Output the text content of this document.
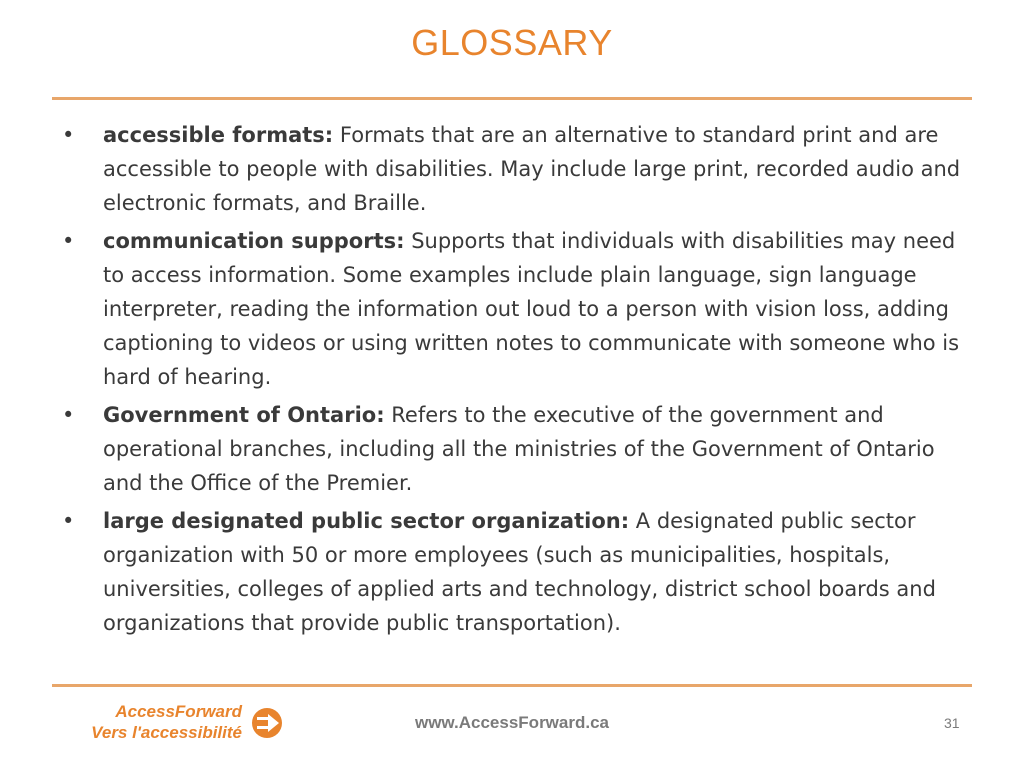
GLOSSARY
• accessible formats: Formats that are an alternative to standard print and are accessible to people with disabilities. May include large print, recorded audio and electronic formats, and Braille.
• communication supports: Supports that individuals with disabilities may need to access information. Some examples include plain language, sign language interpreter, reading the information out loud to a person with vision loss, adding captioning to videos or using written notes to communicate with someone who is hard of hearing.
• Government of Ontario: Refers to the executive of the government and operational branches, including all the ministries of the Government of Ontario and the Office of the Premier.
• large designated public sector organization: A designated public sector organization with 50 or more employees (such as municipalities, hospitals, universities, colleges of applied arts and technology, district school boards and organizations that provide public transportation).
AccessForward
Vers l'accessibilité
www.AccessForward.ca	31
